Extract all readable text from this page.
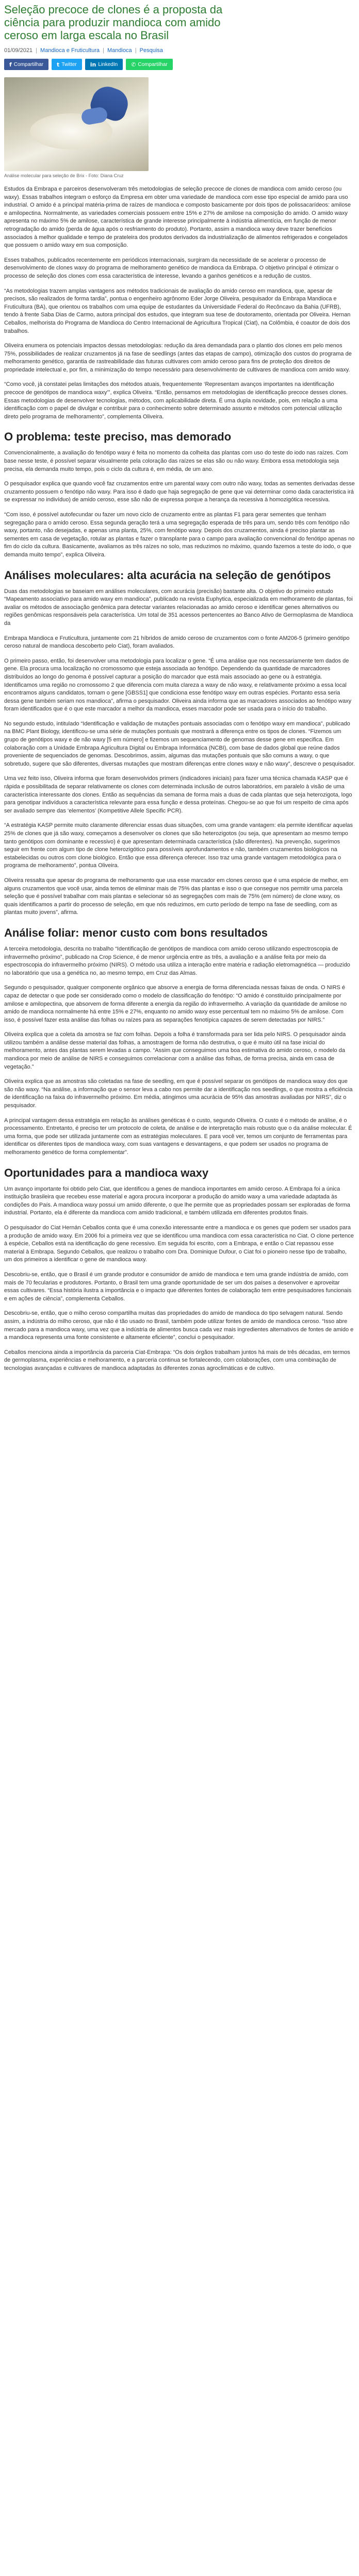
Seleção precoce de clones é a proposta da ciência para produzir mandioca com amido ceroso em larga escala no Brasil
01/09/2021 | Mandioca e Fruticultura | Mandioca | Pesquisa
f Compartilhar t Twitter in LinkedIn ✆ Compartilhar
Análise molecular para seleção de Brix - Foto: Diana Cruz

Estudos da Embrapa e parceiros desenvolveram três metodologias de seleção precoce de clones de mandioca com amido ceroso (ou waxy). Essas trabalhos integram o esforço da Empresa em obter uma variedade de mandioca com esse tipo especial de amido para uso industrial. O amido é a principal matéria-prima de raízes de mandioca e composto basicamente por dois tipos de polissacarídeos: amilose e amilopectina. Normalmente, as variedades comerciais possuem entre 15% e 27% de amilose na composição do amido. O amido waxy apresenta no máximo 5% de amilose, característica de grande interesse principalmente à indústria alimentícia, em função de menor retrogradação do amido (perda de água após o resfriamento do produto). Portanto, assim a mandioca waxy deve trazer benefícios associados à melhor qualidade e tempo de prateleira dos produtos derivados da industrialização de alimentos refrigerados e congelados que possuem o amido waxy em sua composição.

Esses trabalhos, publicados recentemente em periódicos internacionais, surgiram da necessidade de se acelerar o processo de desenvolvimento de clones waxy do programa de melhoramento genético de mandioca da Embrapa. O objetivo principal é otimizar o processo de seleção dos clones com essa característica de interesse, levando a ganhos genéticos e a redução de custos.

“As metodologias trazem amplas vantagens aos métodos tradicionais de avaliação do amido ceroso em mandioca, que, apesar de precisos, são realizados de forma tardia”, pontua o engenheiro agrônomo Eder Jorge Oliveira, pesquisador da Embrapa Mandioca e Fruticultura (BA), que orientou os trabalhos com uma equipe de estudantes da Universidade Federal do Recôncavo da Bahia (UFRB), tendo à frente Saba Dias de Carmo, autora principal dos estudos, que integram sua tese de doutoramento, orientada por Oliveira. Hernan Ceballos, melhorista do Programa de Mandioca do Centro Internacional de Agricultura Tropical (Ciat), na Colômbia, é coautor de dois dos trabalhos.

Oliveira enumera os potenciais impactos dessas metodologias: redução da área demandada para o plantio dos clones em pelo menos 75%, possibilidades de realizar cruzamentos já na fase de seedlings (antes das etapas de campo), otimização dos custos do programa de melhoramento genético, garantia de rastreabilidade das futuras cultivares com amido ceroso para fins de proteção dos direitos de propriedade intelectual e, por fim, a minimização do tempo necessário para desenvolvimento de cultivares de mandioca com amido waxy.

“Como você, já constatei pelas limitações dos métodos atuais, frequentemente ‘Representam avanços importantes na identificação precoce de genótipos de mandioca waxy’”, explica Oliveira. “Então, pensamos em metodologias de identificação precoce desses clones. Essas metodologias de desenvolver tecnologias, métodos, com aplicabilidade direta. É uma dupla novidade, pois, em relação a uma identificação com o papel de divulgar e contribuir para o conhecimento sobre determinado assunto e métodos com potencial utilização direto pelo programa de melhoramento”, complementa Oliveira.

O problema: teste preciso, mas demorado

Convencionalmente, a avaliação do fenótipo waxy é feita no momento da colheita das plantas com uso do teste do iodo nas raízes. Com base nesse teste, é possível separar visualmente pela coloração das raízes se elas são ou não waxy. Embora essa metodologia seja precisa, ela demanda muito tempo, pois o ciclo da cultura é, em média, de um ano.

O pesquisador explica que quando você faz cruzamentos entre um parental waxy com outro não waxy, todas as sementes derivadas desse cruzamento possuem o fenótipo não waxy. Para isso é dado que haja segregação de gene que vai determinar como dada característica irá se expressar no indivíduo) de amido ceroso, esse são não de expressa porque a herança da recessiva à homozigótica recessiva.

“Com isso, é possível autofecundar ou fazer um novo ciclo de cruzamento entre as plantas F1 para gerar sementes que tenham segregação para o amido ceroso. Essa segunda geração terá a uma segregação esperada de três para um, sendo três com fenótipo não waxy, portanto, não desejadas, e apenas uma planta, 25%, com fenótipo waxy. Depois dos cruzamentos, ainda é preciso plantar as sementes em casa de vegetação, rotular as plantas e fazer o transplante para o campo para avaliação convencional do fenótipo apenas no fim do ciclo da cultura. Basicamente, avaliamos as três raízes no solo, mas reduzimos no máximo, quando fazemos a teste do iodo, o que demanda muito tempo”, explica Oliveira.

Análises moleculares: alta acurácia na seleção de genótipos

Duas das metodologias se baseiam em análises moleculares, com acurácia (precisão) bastante alta. O objetivo do primeiro estudo “Mapeamento associativo para amido waxy em mandioca”, publicado na revista Euphytica, especializada em melhoramento de plantas, foi avaliar os métodos de associação genômica para detectar variantes relacionadas ao amido ceroso e identificar genes alternativos ou regiões genômicas responsáveis pela característica. Um total de 351 acessos pertencentes ao Banco Ativo de Germoplasma de Mandioca da

Embrapa Mandioca e Fruticultura, juntamente com 21 híbridos de amido ceroso de cruzamentos com o fonte AM206-5 (primeiro genótipo ceroso natural de mandioca descoberto pelo Ciat), foram avaliados.

O primeiro passo, então, foi desenvolver uma metodologia para localizar o gene. “É uma análise que nos necessariamente tem dados de gene. Ela procura uma localização no cromossomo que esteja associada ao fenótipo. Dependendo da quantidade de marcadores distribuídos ao longo do genoma é possível capturar a posição do marcador que está mais associado ao gene ou à estratégia. Identificamos uma região no cromossomo 2 que diferencia com muita clareza a waxy de não waxy, e relativamente próximo a essa local encontramos alguns candidatos, tornam o gene [GBSS1] que condiciona esse fenótipo waxy em outras espécies. Portanto essa seria dessa gene também seriam nos mandioca”, afirma o pesquisador. Oliveira ainda informa que as marcadores associados ao fenótipo waxy foram identificados que é o que este marcador a melhor da mandioca, esses marcador pode ser usada para o início do trabalho.

No segundo estudo, intitulado “Identificação e validação de mutações pontuais associadas com o fenótipo waxy em mandioca”, publicado na BMC Plant Biology, identificou-se uma série de mutações pontuais que mostrará a diferença entre os tipos de clones. “Fizemos um grupo de genótipos waxy e de não waxy [5 em número] e fizemos um sequenciamento de genomas desse gene em especifica. Em colaboração com a Unidade Embrapa Agricultura Digital ou Embrapa Informática (NCBI), com base de dados global que reúne dados proveniente de sequenciados de genomas. Descobrimos, assim, algumas das mutações pontuais que são comuns a waxy, o que sobretudo, sugere que são diferentes, diversas mutações que mostram diferenças entre clones waxy e não waxy”, descreve o pesquisador.

Uma vez feito isso, Oliveira informa que foram desenvolvidos primers (indicadores iniciais) para fazer uma técnica chamada KASP que é rápida e possibilitada de separar relativamente os clones com determinada inclusão de outros laboratórios, em paralelo à visão de uma característica interessante dos clones. Então as sequências da semana de forma mais a duas de cada plantas que seja heterozigota, logo para genotipar indivíduos a característica relevante para essa função e dessa proteínas. Chegou-se ao que foi um respeito de cima após ser avaliado sempre das ‘elementos’ (Kompetitive Allele Specific PCR).

“A estratégia KASP permite muito claramente diferenciar essas duas situações, com uma grande vantagem: ela permite identificar aquelas 25% de clones que já são waxy, começamos a desenvolver os clones que são heterozigotos (ou seja, que apresentam ao mesmo tempo tanto genótipos com dominante e recessivo) é que apresentam determinada característica (são diferentes). Na prevenção, sugerimos seguir em frente com algum tipo de clone heterozigótico para possíveis aprofundamentos e não, também cruzamentos biológicos na estabelecidas ou outros com clone biológico. Então que essa diferença oferecer. Isso traz uma grande vantagem metodológica para o programa de melhoramento”, pontua Oliveira.

Oliveira ressalta que apesar do programa de melhoramento que usa esse marcador em clones ceroso que é uma espécie de melhor, em alguns cruzamentos que você usar, ainda temos de eliminar mais de 75% das plantas e isso o que consegue nos permitir uma parcela seleção que é possível trabalhar com mais plantas e selecionar só as segregações com mais de 75% (em número) de clone waxy, os quais identificamos a partir do processo de seleção, em que nós reduzimos, em curto período de tempo na fase de seedling, com as plantas muito jovens”, afirma.

Análise foliar: menor custo com bons resultados

A terceira metodologia, descrita no trabalho “Identificação de genótipos de mandioca com amido ceroso utilizando espectroscopia de infravermelho próximo”, publicado na Crop Science, é de menor urgência entre as três, a avaliação e a análise feita por meio da espectroscopia do infravermelho próximo (NIRS). O método usa utiliza a interação entre matéria e radiação eletromagnética — produzido no laboratório que usa a genética no, ao mesmo tempo, em Cruz das Almas.

Segundo o pesquisador, qualquer componente orgânico que absorve a energia de forma diferenciada nessas faixas de onda. O NIRS é capaz de detectar o que pode ser considerado como o modelo de classificação do fenótipo: “O amido é constituído principalmente por amilose e amilopectina, que absorvem de forma diferente a energia da região do infravermelho. A variação da quantidade de amilose no amido de mandioca normalmente há entre 15% e 27%, enquanto no amido waxy esse percentual tem no máximo 5% de amilose. Com isso, é possível fazer esta análise das folhas ou raízes para as separações fenotípica capazes de serem detectadas por NIRS.”

Oliveira explica que a coleta da amostra se faz com folhas. Depois a folha é transformada para ser lida pelo NIRS. O pesquisador ainda utilizou também a análise desse material das folhas, a amostragem de forma não destrutiva, o que é muito útil na fase inicial do melhoramento, antes das plantas serem levadas a campo. “Assim que conseguimos uma boa estimativa do amido ceroso, o modelo da mandioca por meio de análise de NIRS e conseguimos correlacionar com a análise das folhas, de forma precisa, ainda em casa de vegetação.”

Oliveira explica que as amostras são coletadas na fase de seedling, em que é possível separar os genótipos de mandioca waxy dos que são não waxy. “Na análise, a informação que o sensor leva a cabo nos permite dar a identificação nos seedlings, o que mostra a eficiência de identificação na faixa do infravermelho próximo. Em média, atingimos uma acurácia de 95% das amostras avaliadas por NIRS”, diz o pesquisador.

A principal vantagem dessa estratégia em relação às análises genéticas é o custo, segundo Oliveira. O custo é o método de análise, é o processamento. Entretanto, é preciso ter um protocolo de coleta, de análise e de interpretação mais robusto que o da análise molecular. É uma forma, que pode ser utilizada juntamente com as estratégias moleculares. E para você ver, temos um conjunto de ferramentas para identificar os diferentes tipos de mandioca waxy, com suas vantagens e desvantagens, e que podem ser usados no programa de melhoramento genético de forma complementar”.

Oportunidades para a mandioca waxy

Um avanço importante foi obtido pelo Ciat, que identificou a genes de mandioca importantes em amido ceroso. A Embrapa foi a única instituição brasileira que recebeu esse material e agora procura incorporar a produção do amido waxy a uma variedade adaptada às condições do País. A mandioca waxy possui um amido diferente, o que lhe permite que as propriedades possam ser exploradas de forma industrial. Portanto, ela é diferente da mandioca com amido tradicional, e também utilizada em diferentes produtos finais.

O pesquisador do Ciat Hernán Ceballos conta que é uma conexão interessante entre a mandioca e os genes que podem ser usados para a produção de amido waxy. Em 2006 foi a primeira vez que se identificou uma mandioca com essa característica no Ciat. O clone pertence à espécie, Ceballos está na identificação do gene recessivo. Em seguida foi escrito, com a Embrapa, e então o Ciat repassou esse material à Embrapa. Segundo Ceballos, que realizou o trabalho com Dra. Dominique Dufour, o Ciat foi o pioneiro nesse tipo de trabalho, um dos primeiros a identificar o gene de mandioca waxy.

Descobriu-se, então, que o Brasil é um grande produtor e consumidor de amido de mandioca e tem uma grande indústria de amido, com mais de 70 fecularias e produtores. Portanto, o Brasil tem uma grande oportunidade de ser um dos países a desenvolver e aproveitar essas cultivares. “Essa história ilustra a importância e o impacto que diferentes fontes de colaboração tem entre pesquisadores funcionais e em ações de ciência”, complementa Ceballos.

Descobriu-se, então, que o milho ceroso compartilha muitas das propriedades do amido de mandioca do tipo selvagem natural. Sendo assim, a indústria do milho ceroso, que não é tão usado no Brasil, também pode utilizar fontes de amido de mandioca ceroso. “Isso abre mercado para a mandioca waxy, uma vez que a indústria de alimentos busca cada vez mais ingredientes alternativos de fontes de amido e a mandioca representa uma fonte consistente e altamente eficiente”, conclui o pesquisador.

Ceballos menciona ainda a importância da parceria Ciat-Embrapa: “Os dois órgãos trabalham juntos há mais de três décadas, em termos de germoplasma, experiências e melhoramento, e a parceria continua se fortalecendo, com colaborações, com uma combinação de tecnologias avançadas e cultivares de mandioca adaptadas às diferentes zonas agroclimáticas e de cultivo.
